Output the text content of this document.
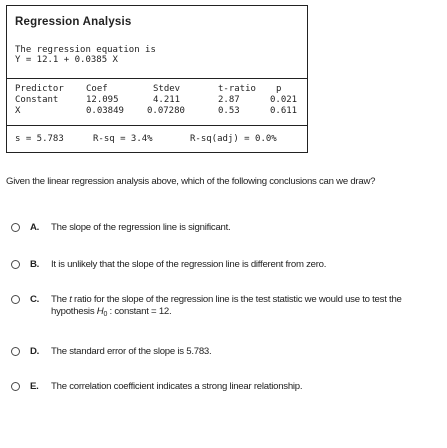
Regression Analysis
The regression equation is
Y = 12.1 + 0.0385 X
Predictor Coef	Stdev	t-ratio p
Constant	12.095	4.211	2.87	0.021
X	0.03849	0.07280	0.53	0.611
s = 5.783	R-sq = 3.4%	R-sq(adj) = 0.0%
Given the linear regression analysis above, which of the following conclusions can we draw?
A. The slope of the regression line is significant.
B. It is unlikely that the slope of the regression line is different from zero.
C. The t ratio for the slope of the regression line is the test statistic we would use to test the hypothesis $H_0$ : constant = 12.
D. The standard error of the slope is 5.783.
E. The correlation coefficient indicates a strong linear relationship.
